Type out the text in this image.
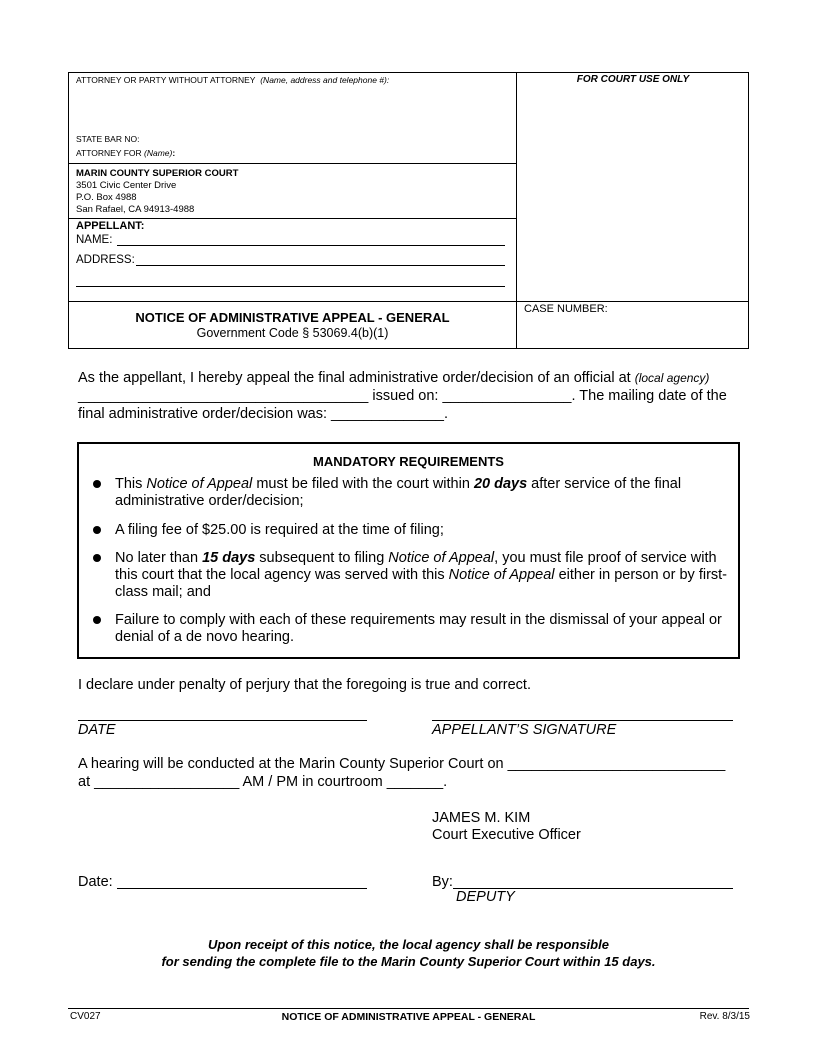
ATTORNEY OR PARTY WITHOUT ATTORNEY (Name, address and telephone #):	FOR COURT USE ONLY
STATE BAR NO:
ATTORNEY FOR (Name):
MARIN COUNTY SUPERIOR COURT
3501 Civic Center Drive
P.O. Box 4988
San Rafael, CA 94913-4988
APPELLANT:
NAME:
ADDRESS:
CASE NUMBER:
NOTICE OF ADMINISTRATIVE APPEAL - GENERAL
Government Code § 53069.4(b)(1)
As the appellant, I hereby appeal the final administrative order/decision of an official at (local agency)
____________________________________ issued on: ________________. The mailing date of the
final administrative order/decision was: ______________.
MANDATORY REQUIREMENTS
This Notice of Appeal must be filed with the court within 20 days after service of the final administrative order/decision;
A filing fee of $25.00 is required at the time of filing;
No later than 15 days subsequent to filing Notice of Appeal, you must file proof of service with this court that the local agency was served with this Notice of Appeal either in person or by first-class mail; and
Failure to comply with each of these requirements may result in the dismissal of your appeal or denial of a de novo hearing.
I declare under penalty of perjury that the foregoing is true and correct.
DATE	APPELLANT’S SIGNATURE
A hearing will be conducted at the Marin County Superior Court on ___________________________
at __________________ AM / PM in courtroom _______.
JAMES M. KIM
Court Executive Officer
Date:	By:
DEPUTY
Upon receipt of this notice, the local agency shall be responsible
for sending the complete file to the Marin County Superior Court within 15 days.
CV027	NOTICE OF ADMINISTRATIVE APPEAL - GENERAL	Rev. 8/3/15
